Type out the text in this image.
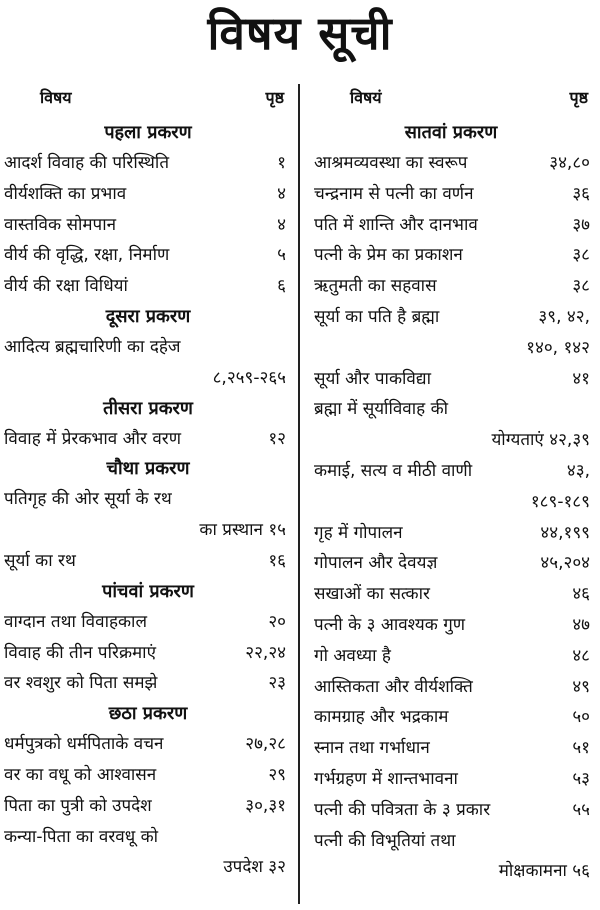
विषय सूची
विषय	पृष्ठ
पहला प्रकरण
आदर्श विवाह की परिस्थिति	१
वीर्यशक्ति का प्रभाव	४
वास्तविक सोमपान	४
वीर्य की वृद्धि, रक्षा, निर्माण	५
वीर्य की रक्षा विधियां	६
दूसरा प्रकरण
आदित्य ब्रह्मचारिणी का दहेज
८,२५९-२६५
तीसरा प्रकरण
विवाह में प्रेरकभाव और वरण	१२
चौथा प्रकरण
पतिगृह की ओर सूर्या के रथ
का प्रस्थान १५
सूर्या का रथ	१६
पांचवां प्रकरण
वाग्दान तथा विवाहकाल	२०
विवाह की तीन परिक्रमाएं	२२,२४
वर श्वशुर को पिता समझे	२३
छठा प्रकरण
धर्मपुत्रको धर्मपिताके वचन	२७,२८
वर का वधू को आश्वासन	२९
पिता का पुत्री को उपदेश	३०,३१
कन्या-पिता का वरवधू को
उपदेश ३२
विषयं	पृष्ठ
सातवां प्रकरण
आश्रमव्यवस्था का स्वरूप	३४,८०
चन्द्रनाम से पत्नी का वर्णन	३६
पति में शान्ति और दानभाव	३७
पत्नी के प्रेम का प्रकाशन	३८
ऋतुमती का सहवास	३८
सूर्या का पति है ब्रह्मा	३९, ४२,
१४०, १४२
सूर्या और पाकविद्या	४१
ब्रह्मा में सूर्याविवाह की
योग्यताएं ४२,३९
कमाई, सत्य व मीठी वाणी	४३,
१८९-१८९
गृह में गोपालन	४४,१९९
गोपालन और देवयज्ञ	४५,२०४
सखाओं का सत्कार	४६
पत्नी के ३ आवश्यक गुण	४७
गो अवध्या है	४८
आस्तिकता और वीर्यशक्ति	४९
कामग्राह और भद्रकाम	५०
स्नान तथा गर्भाधान	५१
गर्भग्रहण में शान्तभावना	५३
पत्नी की पवित्रता के ३ प्रकार	५५
पत्नी की विभूतियां तथा
मोक्षकामना ५६
